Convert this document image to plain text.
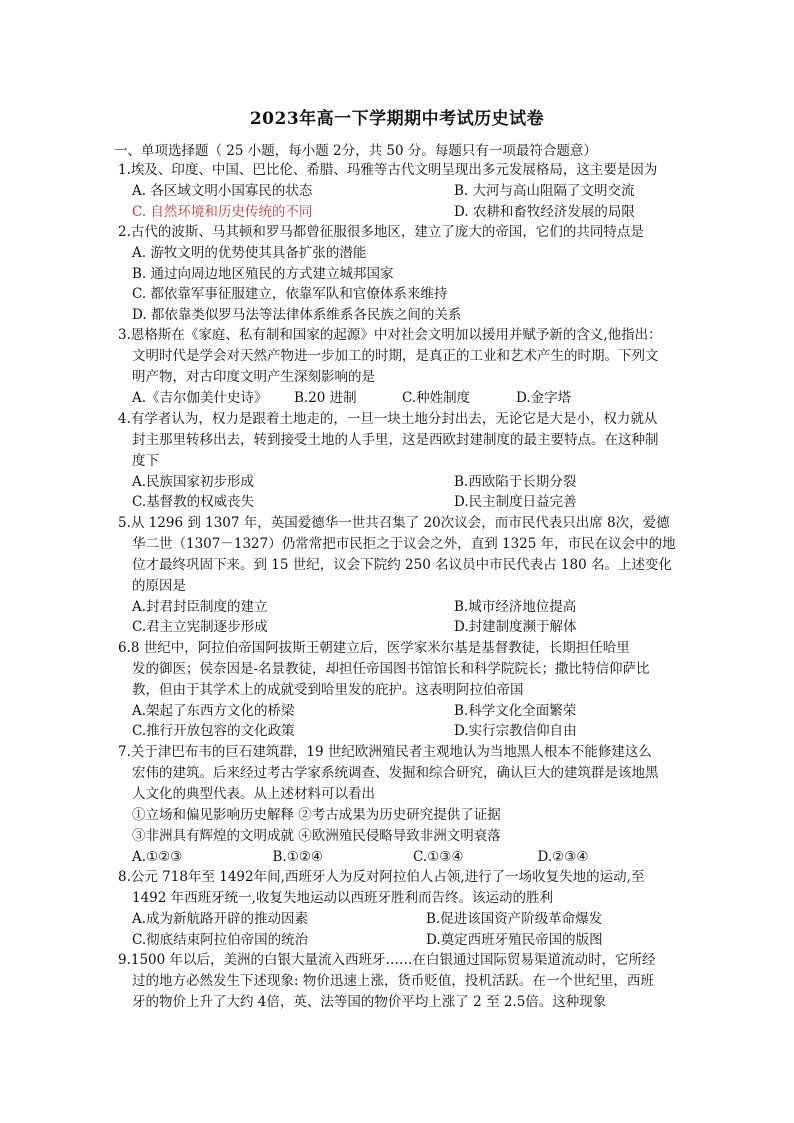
2023年高一下学期期中考试历史试卷
一、单项选择题（ 25 小题，每小题 2分，共 50 分。每题只有一项最符合题意）

1.埃及、印度、中国、巴比伦、希腊、玛雅等古代文明呈现出多元发展格局，这主要是因为

A. 各区域文明小国寡民的状态	B. 大河与高山阻隔了文明交流
C. 自然环境和历史传统的不同	D. 农耕和畜牧经济发展的局限

2.古代的波斯、马其顿和罗马都曾征服很多地区，建立了庞大的帝国，它们的共同特点是

A. 游牧文明的优势使其具备扩张的潜能
B. 通过向周边地区殖民的方式建立城邦国家
C. 都依靠军事征服建立，依靠军队和官僚体系来维持
D. 都依靠类似罗马法等法律体系维系各民族之间的关系

3.恩格斯在《家庭、私有制和国家的起源》中对社会文明加以援用并赋予新的含义,他指出：

文明时代是学会对天然产物进一步加工的时期，是真正的工业和艺术产生的时期。下列文

明产物，对古印度文明产生深刻影响的是

A.《吉尔伽美什史诗》	B.20 进制	C.种姓制度	D.金字塔

4.有学者认为，权力是跟着土地走的，一旦一块土地分封出去，无论它是大是小，权力就从

封主那里转移出去，转到接受土地的人手里，这是西欧封建制度的最主要特点。在这种制

度下

A.民族国家初步形成	B.西欧陷于长期分裂
C.基督教的权威丧失	D.民主制度日益完善

5.从 1296 到 1307 年，英国爱德华一世共召集了 20次议会，而市民代表只出席 8次，爱德

华二世（1307－1327）仍常常把市民拒之于议会之外，直到 1325 年，市民在议会中的地

位才最终巩固下来。到 15 世纪，议会下院约 250 名议员中市民代表占 180 名。上述变化

的原因是

A.封君封臣制度的建立	B.城市经济地位提高
C.君主立宪制逐步形成	D.封建制度濒于解体

6.8 世纪中，阿拉伯帝国阿拔斯王朝建立后，医学家米尔基是基督教徒，长期担任哈里

发的御医；侯奈因是-名景教徒，却担任帝国图书馆馆长和科学院院长；撒比特信仰萨比

教，但由于其学术上的成就受到哈里发的庇护。这表明阿拉伯帝国

A.架起了东西方文化的桥梁	B.科学文化全面繁荣
C.推行开放包容的文化政策	D.实行宗教信仰自由

7.关于津巴布韦的巨石建筑群，19 世纪欧洲殖民者主观地认为当地黑人根本不能修建这么

宏伟的建筑。后来经过考古学家系统调查、发掘和综合研究，确认巨大的建筑群是该地黑

人文化的典型代表。从上述材料可以看出

①立场和偏见影响历史解释 ②考古成果为历史研究提供了证据

③非洲具有辉煌的文明成就 ④欧洲殖民侵略导致非洲文明衰落

A.①②③	B.①②④	C.①③④	D.②③④

8.公元 718年至 1492年间,西班牙人为反对阿拉伯人占领,进行了一场收复失地的运动,至

1492 年西班牙统一,收复失地运动以西班牙胜利而告终。该运动的胜利

A.成为新航路开辟的推动因素	B.促进该国资产阶级革命爆发
C.彻底结束阿拉伯帝国的统治	D.奠定西班牙殖民帝国的版图

9.1500 年以后，美洲的白银大量流入西班牙……在白银通过国际贸易渠道流动时，它所经

过的地方必然发生下述现象: 物价迅速上涨，货币贬值，投机活跃。在一个世纪里，西班

牙的物价上升了大约 4倍，英、法等国的物价平均上涨了 2 至 2.5倍。这种现象
